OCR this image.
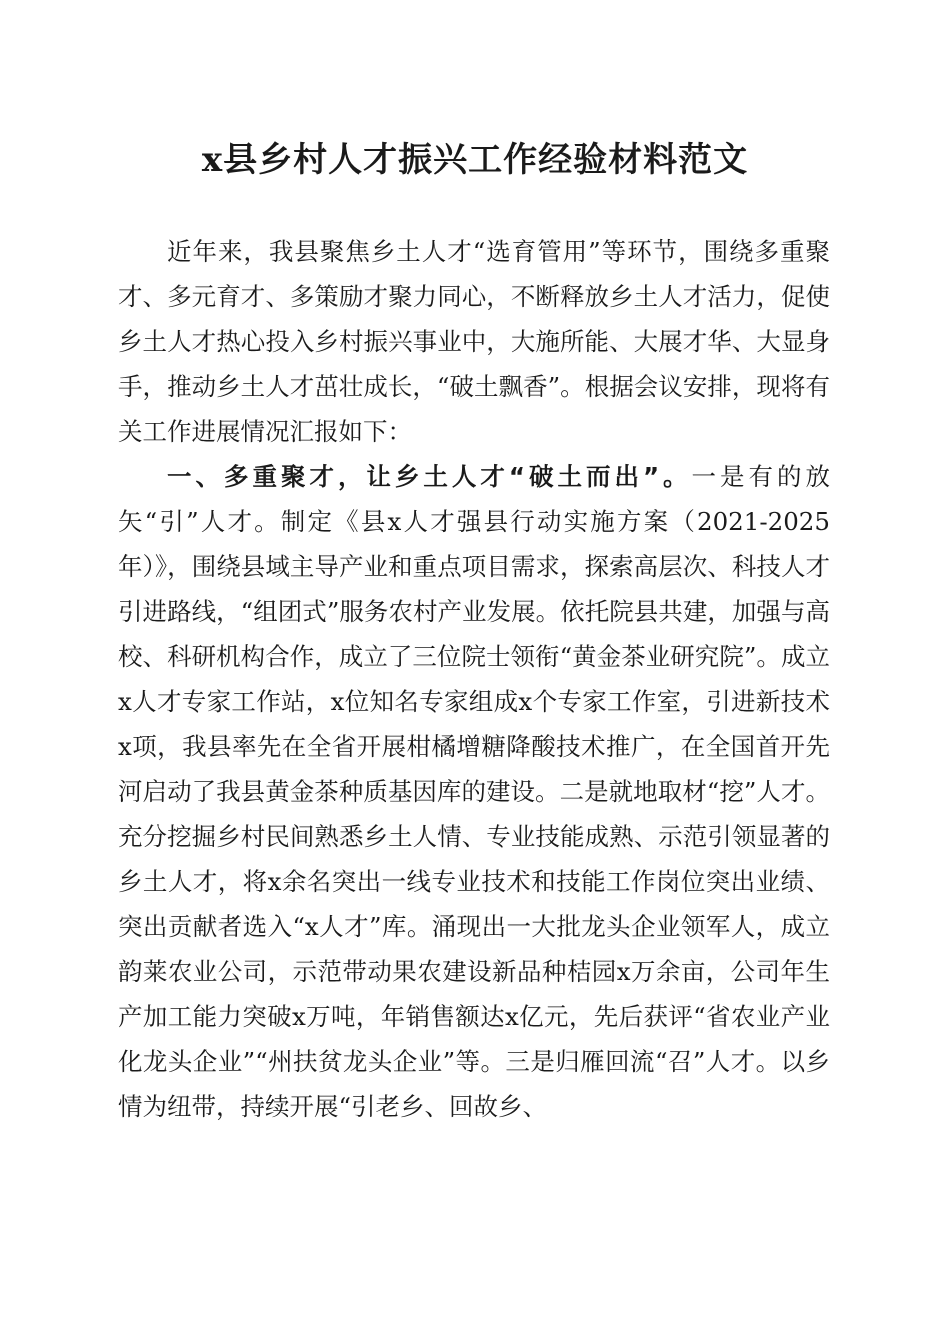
x县乡村人才振兴工作经验材料范文

近年来，我县聚焦乡土人才“选育管用”等环节，围绕多重聚才、多元育才、多策励才聚力同心，不断释放乡土人才活力，促使乡土人才热心投入乡村振兴事业中，大施所能、大展才华、大显身手，推动乡土人才茁壮成长，“破土飘香”。根据会议安排，现将有关工作进展情况汇报如下：

一、多重聚才，让乡土人才“破土而出”。一是有的放矢“引”人才。制定《县x人才强县行动实施方案（2021-2025年）》，围绕县域主导产业和重点项目需求，探索高层次、科技人才引进路线，“组团式”服务农村产业发展。依托院县共建，加强与高校、科研机构合作，成立了三位院士领衔“黄金茶业研究院”。成立x人才专家工作站，x位知名专家组成x个专家工作室，引进新技术x项，我县率先在全省开展柑橘增糖降酸技术推广，在全国首开先河启动了我县黄金茶种质基因库的建设。二是就地取材“挖”人才。充分挖掘乡村民间熟悉乡土人情、专业技能成熟、示范引领显著的乡土人才，将x余名突出一线专业技术和技能工作岗位突出业绩、突出贡献者选入“x人才”库。涌现出一大批龙头企业领军人，成立韵莱农业公司，示范带动果农建设新品种桔园x万余亩，公司年生产加工能力突破x万吨，年销售额达x亿元，先后获评“省农业产业化龙头企业”“州扶贫龙头企业”等。三是归雁回流“召”人才。以乡情为纽带，持续开展“引老乡、回故乡、
